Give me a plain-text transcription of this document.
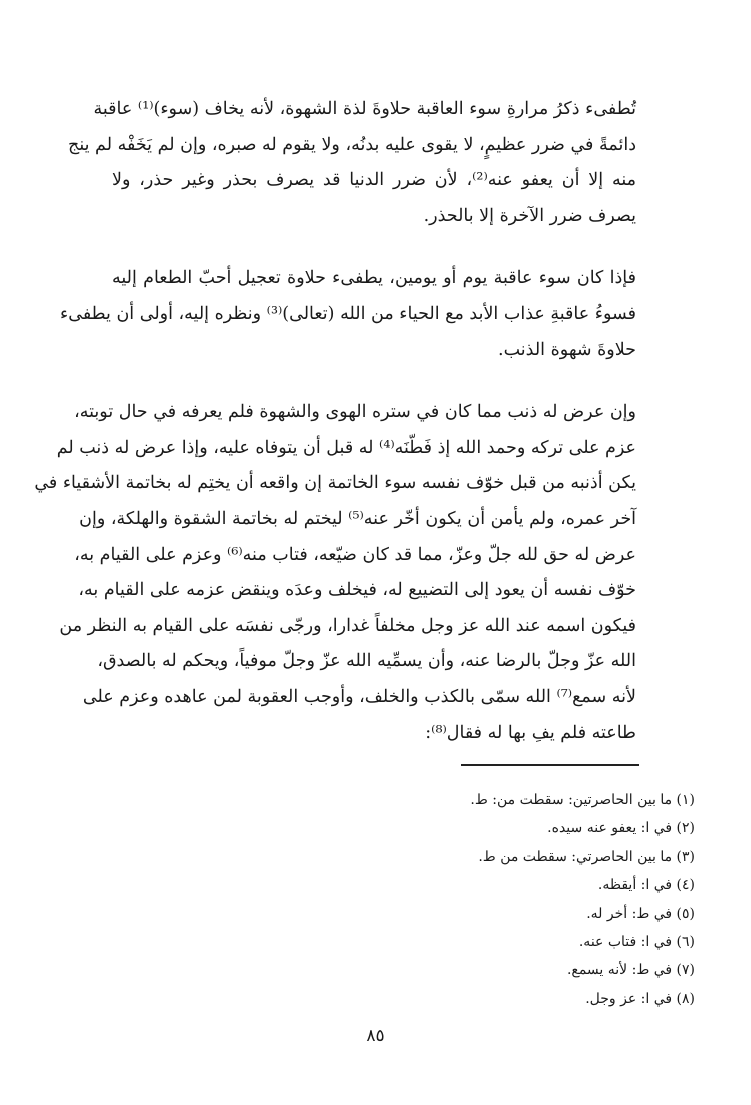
تُطفىء ذكرُ مرارةِ سوء العاقبة حلاوةَ لذة الشهوة، لأنه يخاف (سوء)⁽¹⁾ عاقبة
دائمةً في ضرر عظيمٍ، لا يقوى عليه بدنُه، ولا يقوم له صبره، وإن لم يَخَفْه لم ينج
منه إلا أن يعفو عنه⁽²⁾، لأن ضرر الدنيا قد يصرف بحذر وغير حذر، ولا
يصرف ضرر الآخرة إلا بالحذر.

فإذا كان سوء عاقبة يوم أو يومين، يطفىء حلاوة تعجيل أحبّ الطعام إليه
فسوءُ عاقبةِ عذاب الأبد مع الحياء من الله (تعالى)⁽³⁾ ونظره إليه، أولى أن يطفىء
حلاوةَ شهوة الذنب.

وإن عرض له ذنب مما كان في ستره الهوى والشهوة فلم يعرفه في حال توبته،
عزم على تركه وحمد الله إذ فَطّنَه⁽⁴⁾ له قبل أن يتوفاه عليه، وإذا عرض له ذنب لم
يكن أذنبه من قبل خوّف نفسه سوء الخاتمة إن واقعه أن يختِم له بخاتمة الأشقياء في
آخر عمره، ولم يأمن أن يكون أخّر عنه⁽⁵⁾ ليختم له بخاتمة الشقوة والهلكة، وإن
عرض له حق لله جلّ وعزّ، مما قد كان ضيّعه، فتاب منه⁽⁶⁾ وعزم على القيام به،
خوّف نفسه أن يعود إلى التضييع له، فيخلف وعدَه وينقض عزمه على القيام به،
فيكون اسمه عند الله عز وجل مخلفاً غدارا، ورجّى نفسَه على القيام به النظر من
الله عزّ وجلّ بالرضا عنه، وأن يسمِّيه الله عزّ وجلّ موفياً، ويحكم له بالصدق،
لأنه سمع⁽⁷⁾ الله سمّى بالكذب والخلف، وأوجب العقوبة لمن عاهده وعزم على
طاعته فلم يفِ بها له فقال⁽⁸⁾:

(١) ما بين الحاصرتين: سقطت من: ط.
(٢) في ا: يعفو عنه سيده.
(٣) ما بين الحاصرتي: سقطت من ط.
(٤) في ا: أيقظه.
(٥) في ط: أخر له.
(٦) في ا: فتاب عنه.
(٧) في ط: لأنه يسمع.
(٨) في ا: عز وجل.
٨٥
